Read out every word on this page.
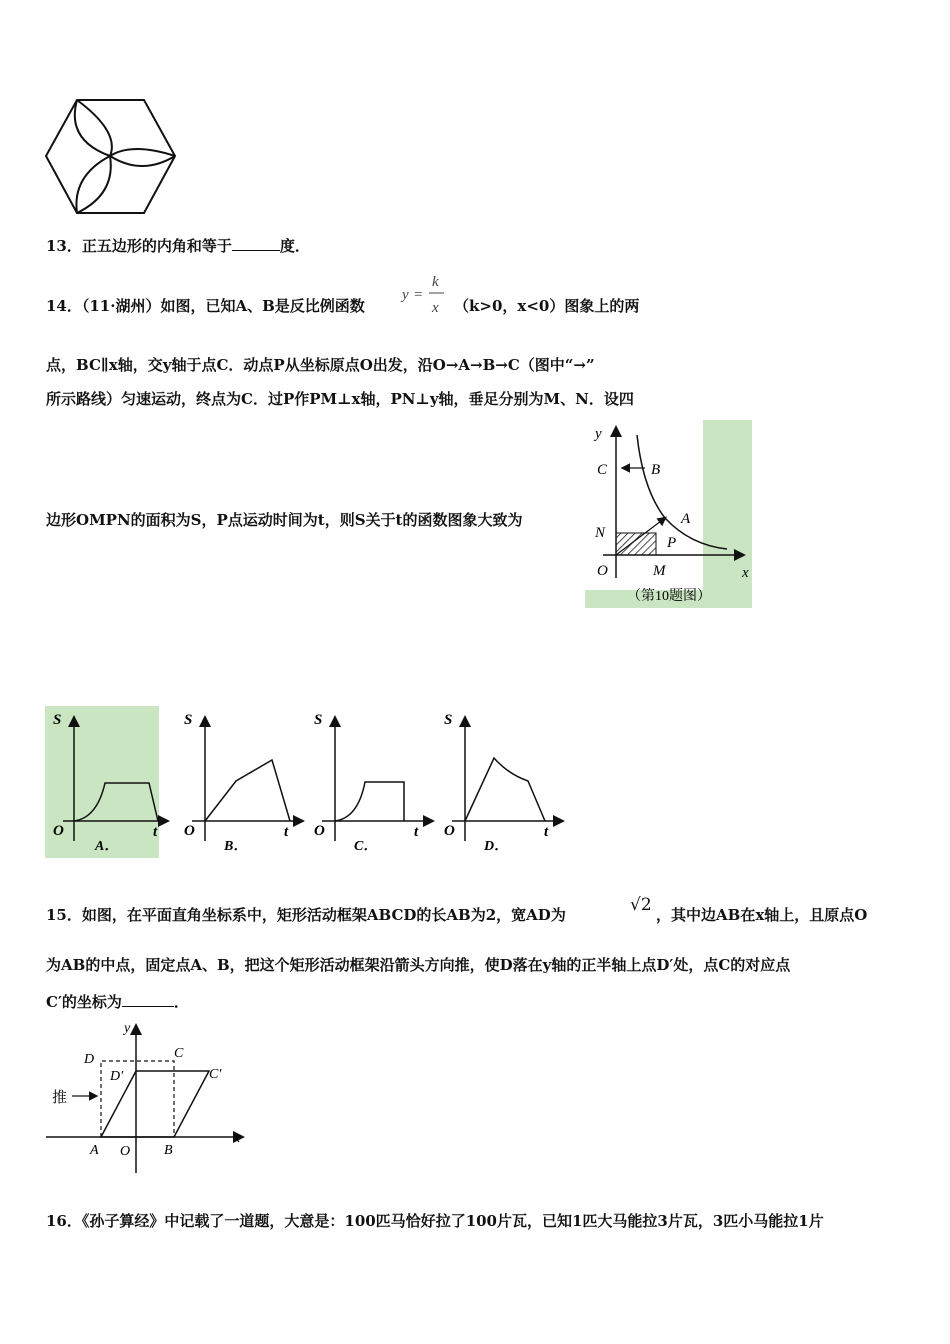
13．正五边形的内角和等于	度．
14．（11·湖州）如图，已知A、B是反比例函数
y =
k
x （k>0，x<0）图象上的两
点，BC∥x轴，交y轴于点C．动点P从坐标原点O出发，沿O→A→B→C（图中“→”
所示路线）匀速运动，终点为C．过P作PM⊥x轴，PN⊥y轴，垂足分别为M、N．设四
边形OMPN的面积为S，P点运动时间为t，则S关于t的函数图象大致为
y
x
C	B
A
N
P
O	M
（第10题图）
S
O	t
A．
S
O	t
B．
S
O	t
C．
S
O	t
D．
15．如图，在平面直角坐标系中，矩形活动框架ABCD的长AB为2，宽AD为	√2 ，其中边AB在x轴上，且原点O
为AB的中点，固定点A、B，把这个矩形活动框架沿箭头方向推，使D落在y轴的正半轴上点D′处，点C的对应点
C′的坐标为	．
y
x
D	C
D′	C′
推
A O B
16．《孙子算经》中记载了一道题，大意是：100匹马恰好拉了100片瓦，已知1匹大马能拉3片瓦，3匹小马能拉1片
